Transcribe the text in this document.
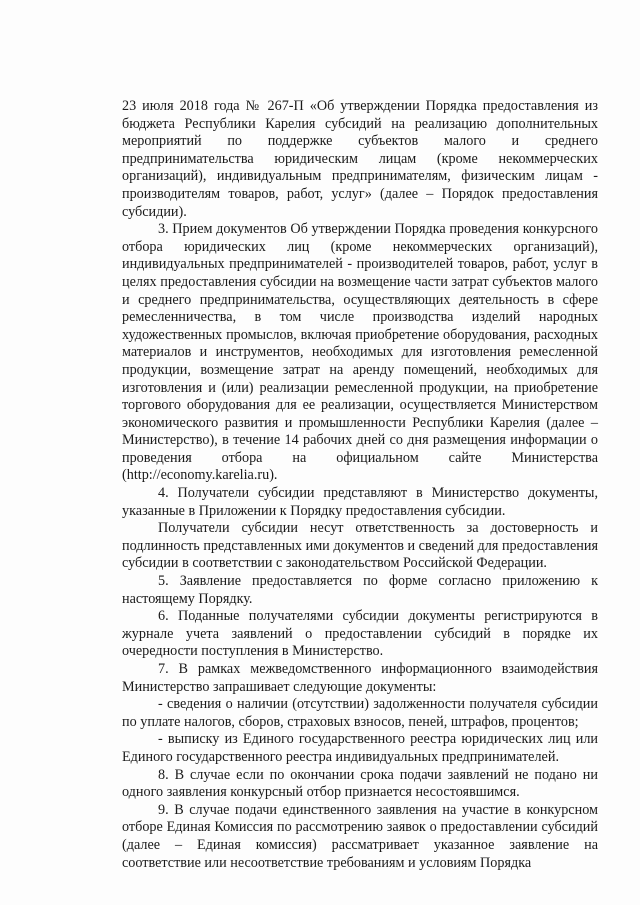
23 июля 2018 года № 267-П «Об утверждении Порядка предоставления из бюджета Республики Карелия субсидий на реализацию дополнительных мероприятий по поддержке субъектов малого и среднего предпринимательства юридическим лицам (кроме некоммерческих организаций), индивидуальным предпринимателям, физическим лицам - производителям товаров, работ, услуг» (далее – Порядок предоставления субсидии).

3. Прием документов Об утверждении Порядка проведения конкурсного отбора юридических лиц (кроме некоммерческих организаций), индивидуальных предпринимателей - производителей товаров, работ, услуг в целях предоставления субсидии на возмещение части затрат субъектов малого и среднего предпринимательства, осуществляющих деятельность в сфере ремесленничества, в том числе производства изделий народных художественных промыслов, включая приобретение оборудования, расходных материалов и инструментов, необходимых для изготовления ремесленной продукции, возмещение затрат на аренду помещений, необходимых для изготовления и (или) реализации ремесленной продукции, на приобретение торгового оборудования для ее реализации, осуществляется Министерством экономического развития и промышленности Республики Карелия (далее – Министерство), в течение 14 рабочих дней со дня размещения информации о проведения отбора на официальном сайте Министерства (http://economy.karelia.ru).

4. Получатели субсидии представляют в Министерство документы, указанные в Приложении к Порядку предоставления субсидии.

Получатели субсидии несут ответственность за достоверность и подлинность представленных ими документов и сведений для предоставления субсидии в соответствии с законодательством Российской Федерации.

5. Заявление предоставляется по форме согласно приложению к настоящему Порядку.

6. Поданные получателями субсидии документы регистрируются в журнале учета заявлений о предоставлении субсидий в порядке их очередности поступления в Министерство.

7. В рамках межведомственного информационного взаимодействия Министерство запрашивает следующие документы:

- сведения о наличии (отсутствии) задолженности получателя субсидии по уплате налогов, сборов, страховых взносов, пеней, штрафов, процентов;

- выписку из Единого государственного реестра юридических лиц или Единого государственного реестра индивидуальных предпринимателей.

8. В случае если по окончании срока подачи заявлений не подано ни одного заявления конкурсный отбор признается несостоявшимся.

9. В случае подачи единственного заявления на участие в конкурсном отборе Единая Комиссия по рассмотрению заявок о предоставлении субсидий (далее – Единая комиссия) рассматривает указанное заявление на соответствие или несоответствие требованиям и условиям Порядка
